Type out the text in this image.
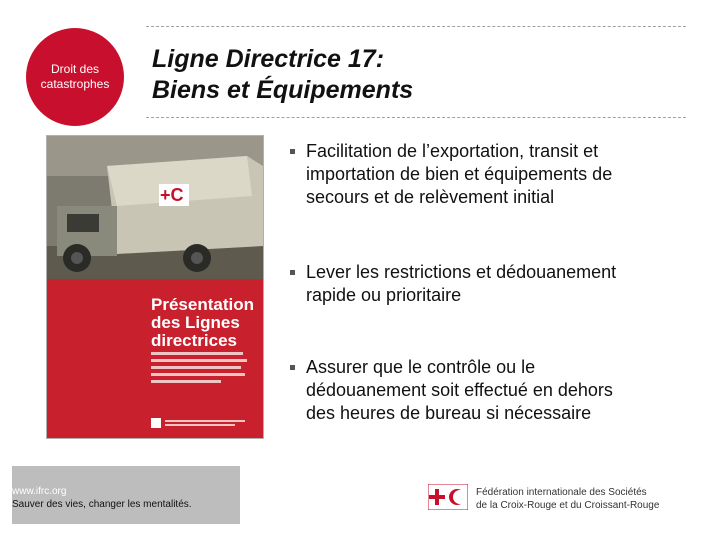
Droit des
catastrophes
Ligne Directrice 17:
Biens et Équipements
+C
Présentation
des Lignes
directrices
Facilitation de l’exportation, transit et
importation de bien et équipements de
secours et de relèvement initial
Lever les restrictions et dédouanement
rapide ou prioritaire
Assurer que le contrôle ou le
dédouanement soit effectué en dehors
des heures de bureau si nécessaire
www.ifrc.org
Sauver des vies, changer les mentalités.
Fédération internationale des Sociétés
de la Croix-Rouge et du Croissant-Rouge
